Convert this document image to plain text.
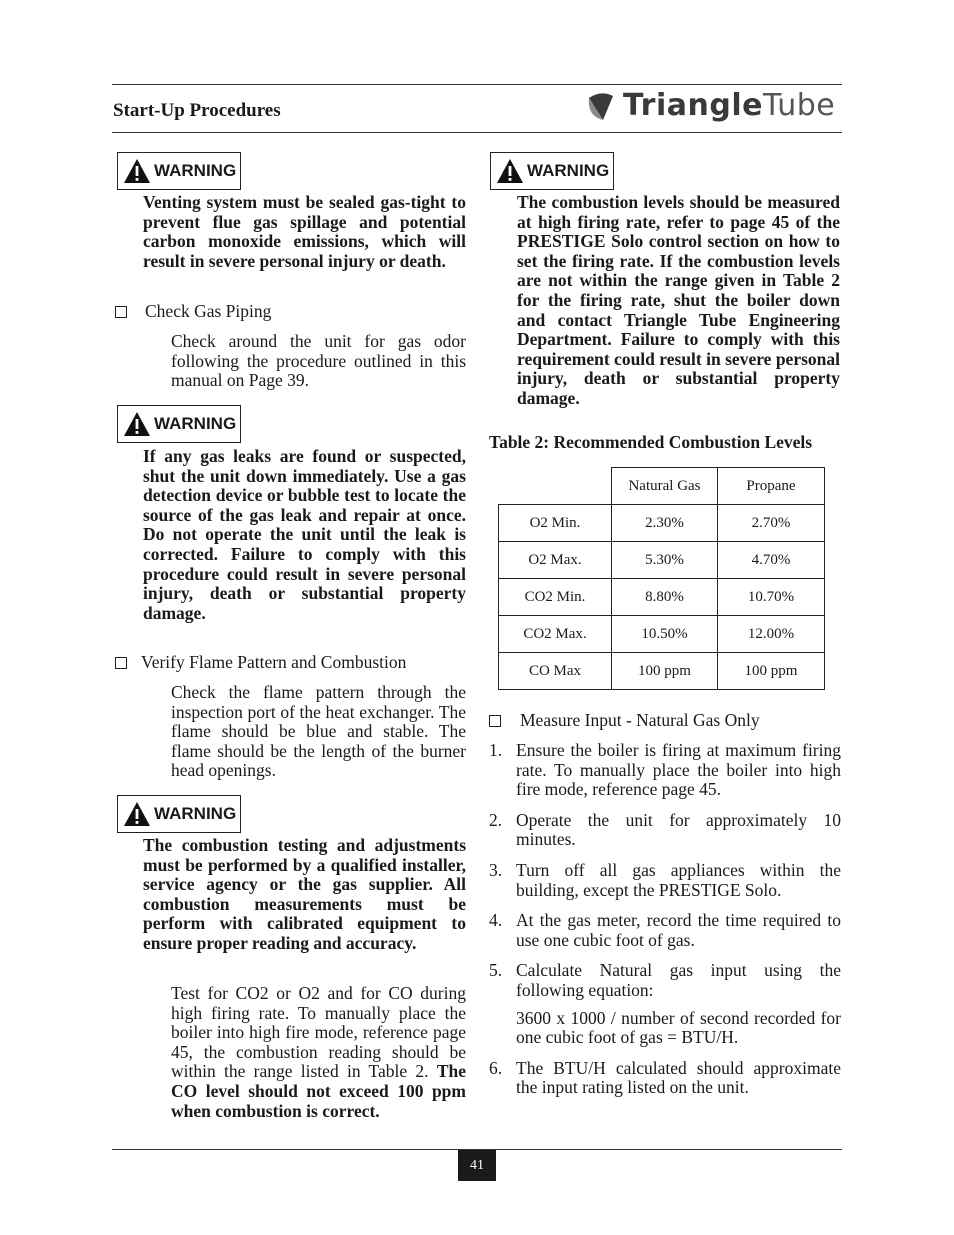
Start-Up Procedures	TriangleTube
WARNING
Venting system must be sealed gas-tight to prevent flue gas spillage and potential carbon monoxide emissions, which will result in severe personal injury or death.
Check Gas Piping
Check around the unit for gas odor following the procedure outlined in this manual on Page 39.
WARNING
If any gas leaks are found or suspected, shut the unit down immediately. Use a gas detection device or bubble test to locate the source of the gas leak and repair at once. Do not operate the unit until the leak is corrected. Failure to comply with this procedure could result in severe personal injury, death or substantial property damage.
Verify Flame Pattern and Combustion
Check the flame pattern through the inspection port of the heat exchanger. The flame should be blue and stable. The flame should be the length of the burner head openings.
WARNING
The combustion testing and adjustments must be performed by a qualified installer, service agency or the gas supplier. All combustion measurements must be perform with calibrated equipment to ensure proper reading and accuracy.
Test for CO2 or O2 and for CO during high firing rate. To manually place the boiler into high fire mode, reference page 45, the combustion reading should be within the range listed in Table 2. The CO level should not exceed 100 ppm when combustion is correct.
WARNING
The combustion levels should be measured at high firing rate, refer to page 45 of the PRESTIGE Solo control section on how to set the firing rate. If the combustion levels are not within the range given in Table 2 for the firing rate, shut the boiler down and contact Triangle Tube Engineering Department. Failure to comply with this requirement could result in severe personal injury, death or substantial property damage.
Table 2: Recommended Combustion Levels
	Natural Gas	Propane
O2 Min.	2.30%	2.70%
O2 Max.	5.30%	4.70%
CO2 Min.	8.80%	10.70%
CO2 Max.	10.50%	12.00%
CO Max	100 ppm	100 ppm
Measure Input - Natural Gas Only
1. Ensure the boiler is firing at maximum firing rate. To manually place the boiler into high fire mode, reference page 45.
2. Operate the unit for approximately 10 minutes.
3. Turn off all gas appliances within the building, except the PRESTIGE Solo.
4. At the gas meter, record the time required to use one cubic foot of gas.
5. Calculate Natural gas input using the following equation:
3600 x 1000 / number of second recorded for one cubic foot of gas = BTU/H.
6. The BTU/H calculated should approximate the input rating listed on the unit.
41
